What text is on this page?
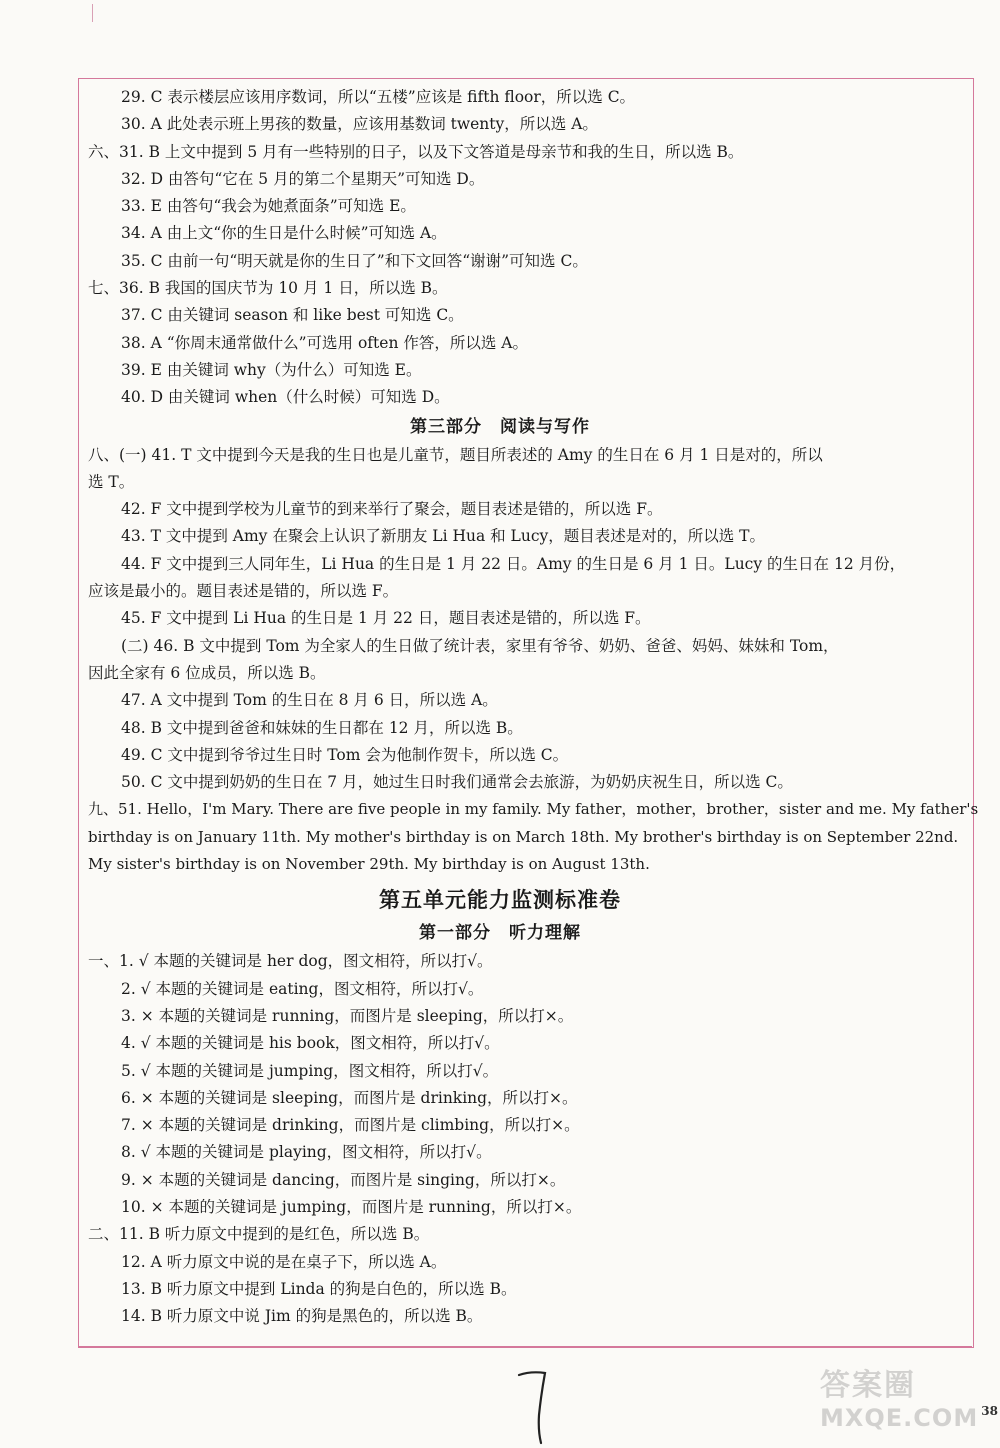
29. C 表示楼层应该用序数词，所以“五楼”应该是 fifth floor，所以选 C。
30. A 此处表示班上男孩的数量，应该用基数词 twenty，所以选 A。
六、31. B 上文中提到 5 月有一些特别的日子，以及下文答道是母亲节和我的生日，所以选 B。
32. D 由答句“它在 5 月的第二个星期天”可知选 D。
33. E 由答句“我会为她煮面条”可知选 E。
34. A 由上文“你的生日是什么时候”可知选 A。
35. C 由前一句“明天就是你的生日了”和下文回答“谢谢”可知选 C。
七、36. B 我国的国庆节为 10 月 1 日，所以选 B。
37. C 由关键词 season 和 like best 可知选 C。
38. A “你周末通常做什么”可选用 often 作答，所以选 A。
39. E 由关键词 why（为什么）可知选 E。
40. D 由关键词 when（什么时候）可知选 D。
第三部分　阅读与写作
八、(一) 41. T 文中提到今天是我的生日也是儿童节，题目所表述的 Amy 的生日在 6 月 1 日是对的，所以
选 T。
42. F 文中提到学校为儿童节的到来举行了聚会，题目表述是错的，所以选 F。
43. T 文中提到 Amy 在聚会上认识了新朋友 Li Hua 和 Lucy，题目表述是对的，所以选 T。
44. F 文中提到三人同年生，Li Hua 的生日是 1 月 22 日。Amy 的生日是 6 月 1 日。Lucy 的生日在 12 月份，
应该是最小的。题目表述是错的，所以选 F。
45. F 文中提到 Li Hua 的生日是 1 月 22 日，题目表述是错的，所以选 F。
(二) 46. B 文中提到 Tom 为全家人的生日做了统计表，家里有爷爷、奶奶、爸爸、妈妈、妹妹和 Tom，
因此全家有 6 位成员，所以选 B。
47. A 文中提到 Tom 的生日在 8 月 6 日，所以选 A。
48. B 文中提到爸爸和妹妹的生日都在 12 月，所以选 B。
49. C 文中提到爷爷过生日时 Tom 会为他制作贺卡，所以选 C。
50. C 文中提到奶奶的生日在 7 月，她过生日时我们通常会去旅游，为奶奶庆祝生日，所以选 C。
九、51. Hello，I'm Mary. There are five people in my family. My father，mother，brother，sister and me. My father's
birthday is on January 11th. My mother's birthday is on March 18th. My brother's birthday is on September 22nd.
My sister's birthday is on November 29th. My birthday is on August 13th.
第五单元能力监测标准卷
第一部分　听力理解
一、1. √ 本题的关键词是 her dog，图文相符，所以打√。
2. √ 本题的关键词是 eating，图文相符，所以打√。
3. × 本题的关键词是 running，而图片是 sleeping，所以打×。
4. √ 本题的关键词是 his book，图文相符，所以打√。
5. √ 本题的关键词是 jumping，图文相符，所以打√。
6. × 本题的关键词是 sleeping，而图片是 drinking，所以打×。
7. × 本题的关键词是 drinking，而图片是 climbing，所以打×。
8. √ 本题的关键词是 playing，图文相符，所以打√。
9. × 本题的关键词是 dancing，而图片是 singing，所以打×。
10. × 本题的关键词是 jumping，而图片是 running，所以打×。
二、11. B 听力原文中提到的是红色，所以选 B。
12. A 听力原文中说的是在桌子下，所以选 A。
13. B 听力原文中提到 Linda 的狗是白色的，所以选 B。
14. B 听力原文中说 Jim 的狗是黑色的，所以选 B。
答案圈
MXQE.COM 38
